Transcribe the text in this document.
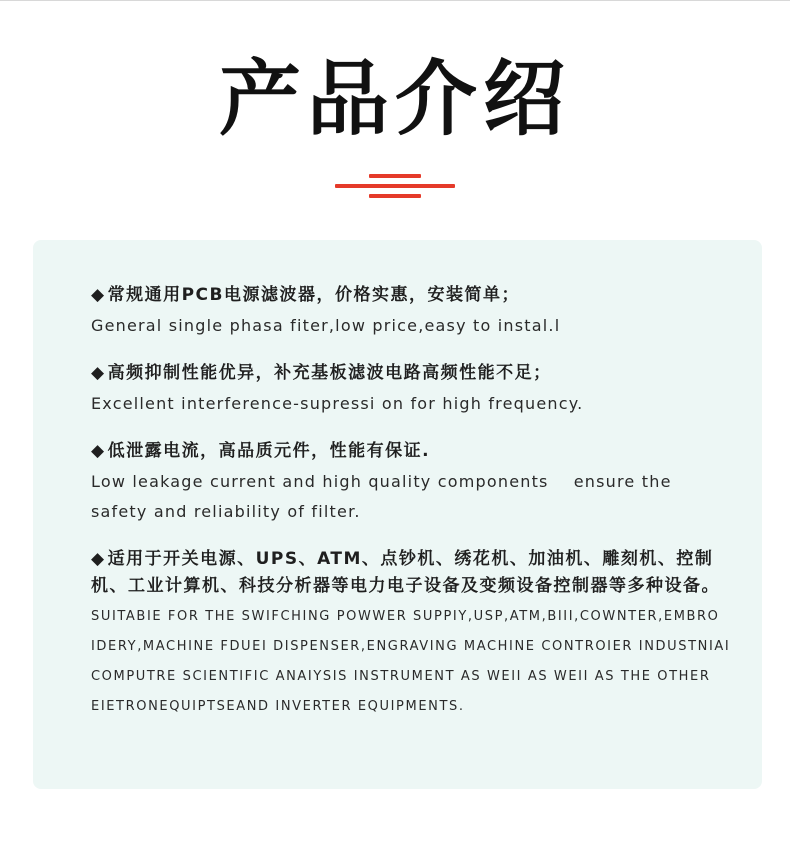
产品介绍
◆ 常规通用PCB电源滤波器，价格实惠，安装简单；
General single phasa fiter,low price,easy to instal.l
◆ 高频抑制性能优异，补充基板滤波电路高频性能不足；
Excellent interference-supressi on for high frequency.
◆ 低泄露电流，高品质元件，性能有保证.
Low leakage current and high quality components    ensure the safety and reliability of filter.
◆ 适用于开关电源、UPS、ATM、点钞机、绣花机、加油机、雕刻机、控制机、工业计算机、科技分析器等电力电子设备及变频设备控制器等多种设备。
SUITABIE FOR THE SWIFCHING POWWER SUPPIY,USP,ATM,BIII,COWNTER,EMBRO IDERY,MACHINE FDUEI DISPENSER,ENGRAVING MACHINE CONTROIER INDUSTNIAI COMPUTRE SCIENTIFIC ANAIYSIS INSTRUMENT AS WEII AS WEII AS THE OTHER EIETRONEQUIPTSEAND INVERTER EQUIPMENTS.
